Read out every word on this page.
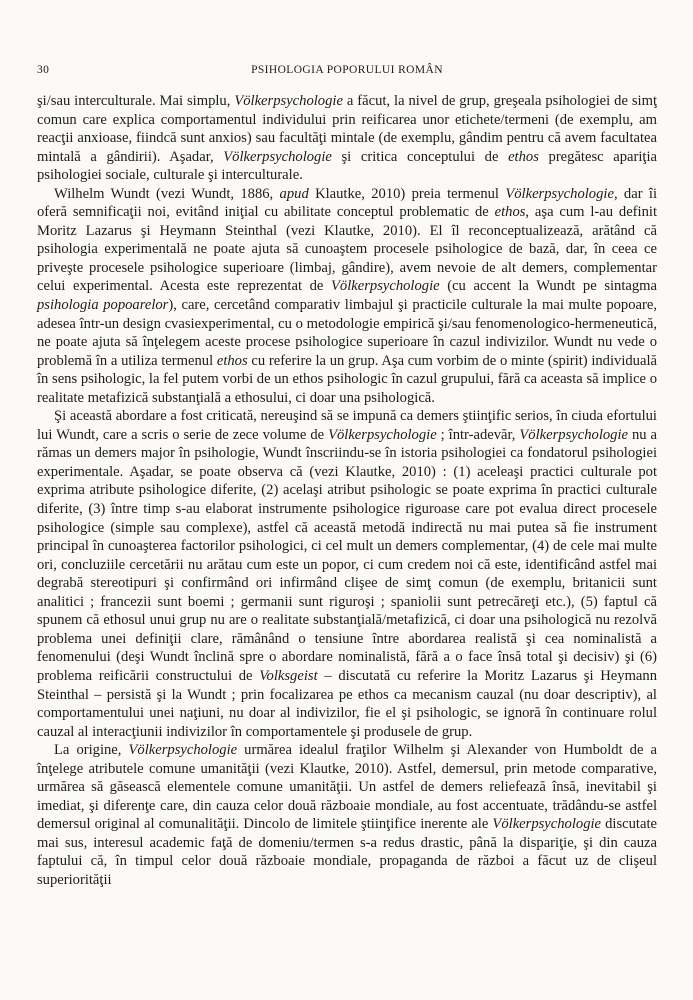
30	PSIHOLOGIA POPORULUI ROMÂN

şi/sau interculturale. Mai simplu, Völkerpsychologie a făcut, la nivel de grup, greşeala psihologiei de simţ comun care explica comportamentul individului prin reificarea unor etichete/termeni (de exemplu, am reacţii anxioase, fiindcă sunt anxios) sau facultăţi mintale (de exemplu, gândim pentru că avem facultatea mintală a gândirii). Aşadar, Völkerpsychologie şi critica conceptului de ethos pregătesc apariţia psihologiei sociale, culturale şi interculturale.

Wilhelm Wundt (vezi Wundt, 1886, apud Klautke, 2010) preia termenul Völkerpsychologie, dar îi oferă semnificaţii noi, evitând iniţial cu abilitate conceptul problematic de ethos, aşa cum l-au definit Moritz Lazarus şi Heymann Steinthal (vezi Klautke, 2010). El îl reconceptualizează, arătând că psihologia experimentală ne poate ajuta să cunoaştem procesele psihologice de bază, dar, în ceea ce priveşte procesele psihologice superioare (limbaj, gândire), avem nevoie de alt demers, complementar celui experimental. Acesta este reprezentat de Völkerpsychologie (cu accent la Wundt pe sintagma psihologia popoarelor), care, cercetând comparativ limbajul şi practicile culturale la mai multe popoare, adesea într-un design cvasiexperimental, cu o metodologie empirică şi/sau fenomenologico-hermeneutică, ne poate ajuta să înţelegem aceste procese psihologice superioare în cazul indivizilor. Wundt nu vede o problemă în a utiliza termenul ethos cu referire la un grup. Aşa cum vorbim de o minte (spirit) individuală în sens psihologic, la fel putem vorbi de un ethos psihologic în cazul grupului, fără ca aceasta să implice o realitate metafizică substanţială a ethosului, ci doar una psihologică.

Şi această abordare a fost criticată, nereuşind să se impună ca demers ştiinţific serios, în ciuda efortului lui Wundt, care a scris o serie de zece volume de Völkerpsychologie ; într-adevăr, Völkerpsychologie nu a rămas un demers major în psihologie, Wundt înscriindu-se în istoria psihologiei ca fondatorul psihologiei experimentale. Aşadar, se poate observa că (vezi Klautke, 2010) : (1) aceleaşi practici culturale pot exprima atribute psihologice diferite, (2) acelaşi atribut psihologic se poate exprima în practici culturale diferite, (3) între timp s-au elaborat instrumente psihologice riguroase care pot evalua direct procesele psihologice (simple sau complexe), astfel că această metodă indirectă nu mai putea să fie instrument principal în cunoaşterea factorilor psihologici, ci cel mult un demers complementar, (4) de cele mai multe ori, concluziile cercetării nu arătau cum este un popor, ci cum credem noi că este, identificând astfel mai degrabă stereotipuri şi confirmând ori infirmând clişee de simţ comun (de exemplu, britanicii sunt analitici ; francezii sunt boemi ; germanii sunt riguroşi ; spaniolii sunt petrecăreţi etc.), (5) faptul că spunem că ethosul unui grup nu are o realitate substanţială/metafizică, ci doar una psihologică nu rezolvă problema unei definiţii clare, rămânând o tensiune între abordarea realistă şi cea nominalistă a fenomenului (deşi Wundt înclină spre o abordare nominalistă, fără a o face însă total şi decisiv) şi (6) problema reificării constructului de Volksgeist – discutată cu referire la Moritz Lazarus şi Heymann Steinthal – persistă şi la Wundt ; prin focalizarea pe ethos ca mecanism cauzal (nu doar descriptiv), al comportamentului unei naţiuni, nu doar al indivizilor, fie el şi psihologic, se ignoră în continuare rolul cauzal al interacţiunii indivizilor în comportamentele şi produsele de grup.

La origine, Völkerpsychologie urmărea idealul fraţilor Wilhelm şi Alexander von Humboldt de a înţelege atributele comune umanităţii (vezi Klautke, 2010). Astfel, demersul, prin metode comparative, urmărea să găsească elementele comune umanităţii. Un astfel de demers reliefează însă, inevitabil şi imediat, şi diferenţe care, din cauza celor două războaie mondiale, au fost accentuate, trădându-se astfel demersul original al comunalităţii. Dincolo de limitele ştiinţifice inerente ale Völkerpsychologie discutate mai sus, interesul academic faţă de domeniu/termen s-a redus drastic, până la dispariţie, şi din cauza faptului că, în timpul celor două războaie mondiale, propaganda de război a făcut uz de clişeul superiorităţii
